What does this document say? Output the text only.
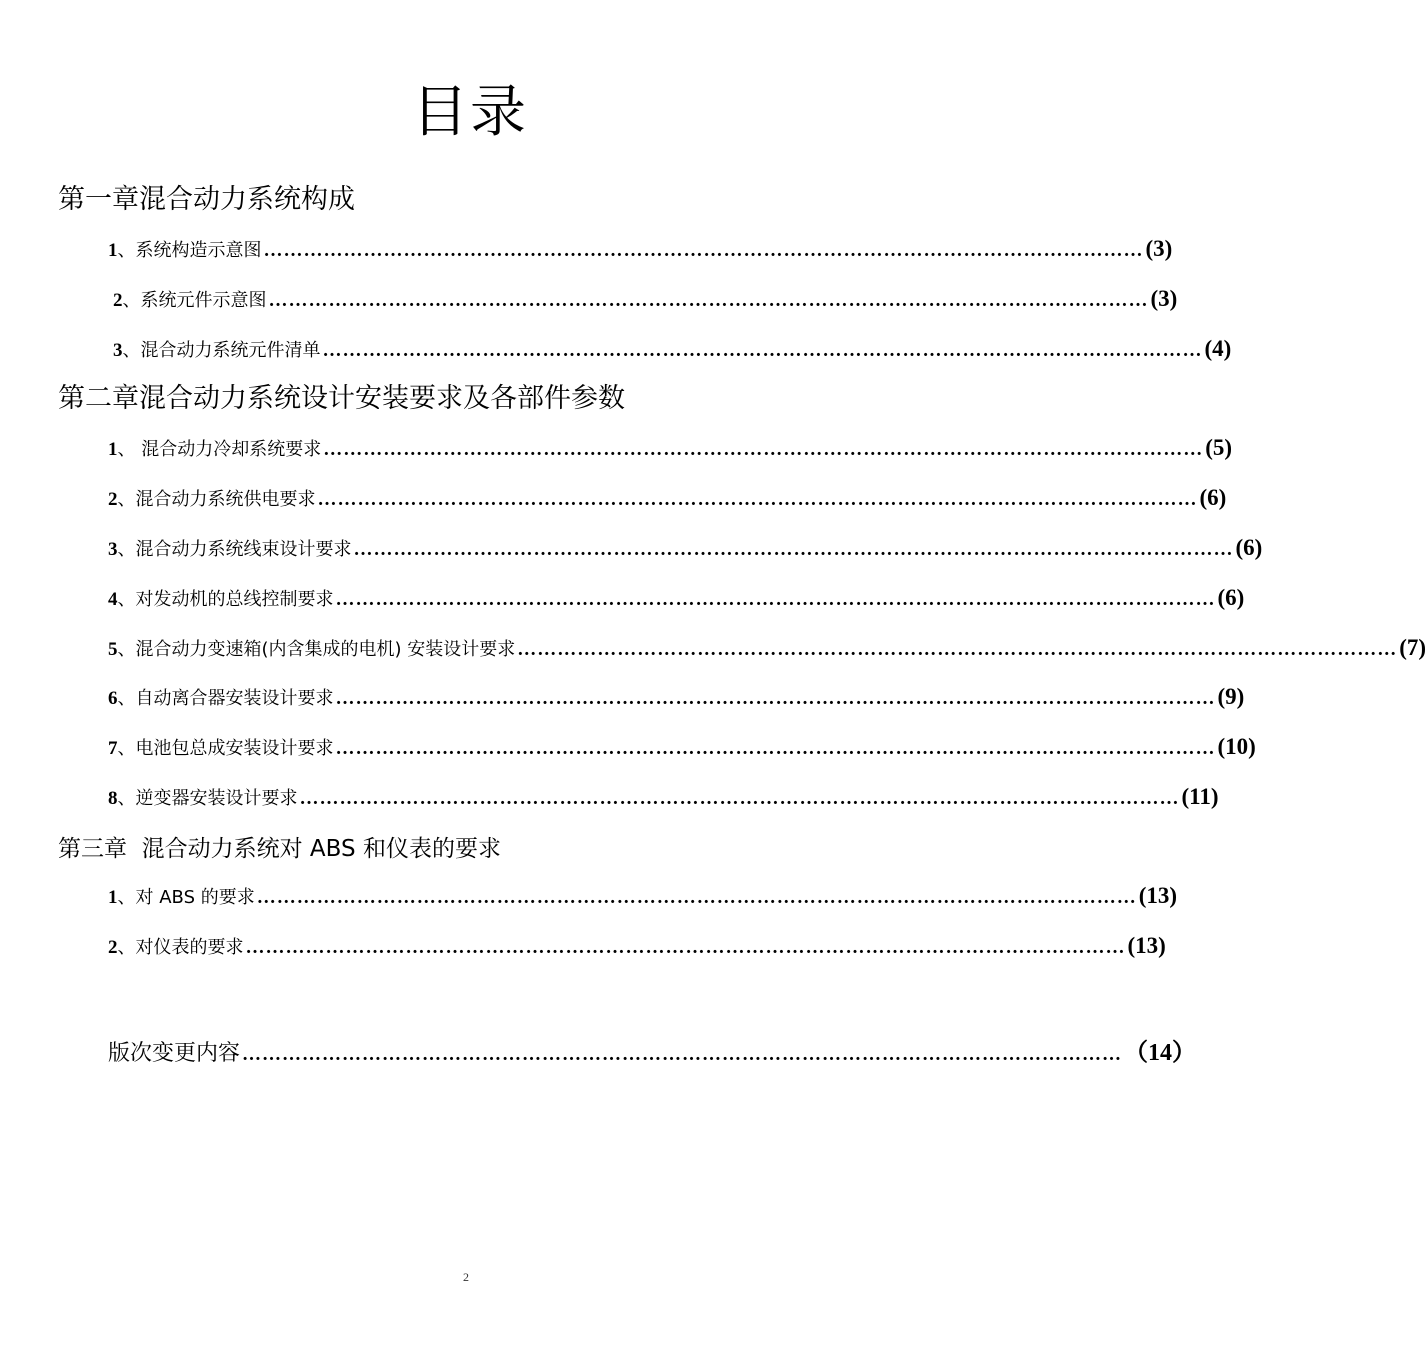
目录
第一章混合动力系统构成
1、系统构造示意图 …………………………………………………………………………………………………………………… (3)
2、系统元件示意图 …………………………………………………………………………………………………………………… (3)
3、混合动力系统元件清单 …………………………………………………………………………………………………………………… (4)
第二章混合动力系统设计安装要求及各部件参数
1、 混合动力冷却系统要求 …………………………………………………………………………………………………………………… (5)
2、混合动力系统供电要求 …………………………………………………………………………………………………………………… (6)
3、混合动力系统线束设计要求 …………………………………………………………………………………………………………………… (6)
4、对发动机的总线控制要求 …………………………………………………………………………………………………………………… (6)
5、混合动力变速箱(内含集成的电机) 安装设计要求 …………………………………………………………………………………………………………………… (7)
6、自动离合器安装设计要求 …………………………………………………………………………………………………………………… (9)
7、电池包总成安装设计要求 …………………………………………………………………………………………………………………… (10)
8、逆变器安装设计要求 …………………………………………………………………………………………………………………… (11)
第三章  混合动力系统对 ABS 和仪表的要求
1、对 ABS 的要求 …………………………………………………………………………………………………………………… (13)
2、对仪表的要求 …………………………………………………………………………………………………………………… (13)
版次变更内容 …………………………………………………………………………………………………………………… （14）
2
